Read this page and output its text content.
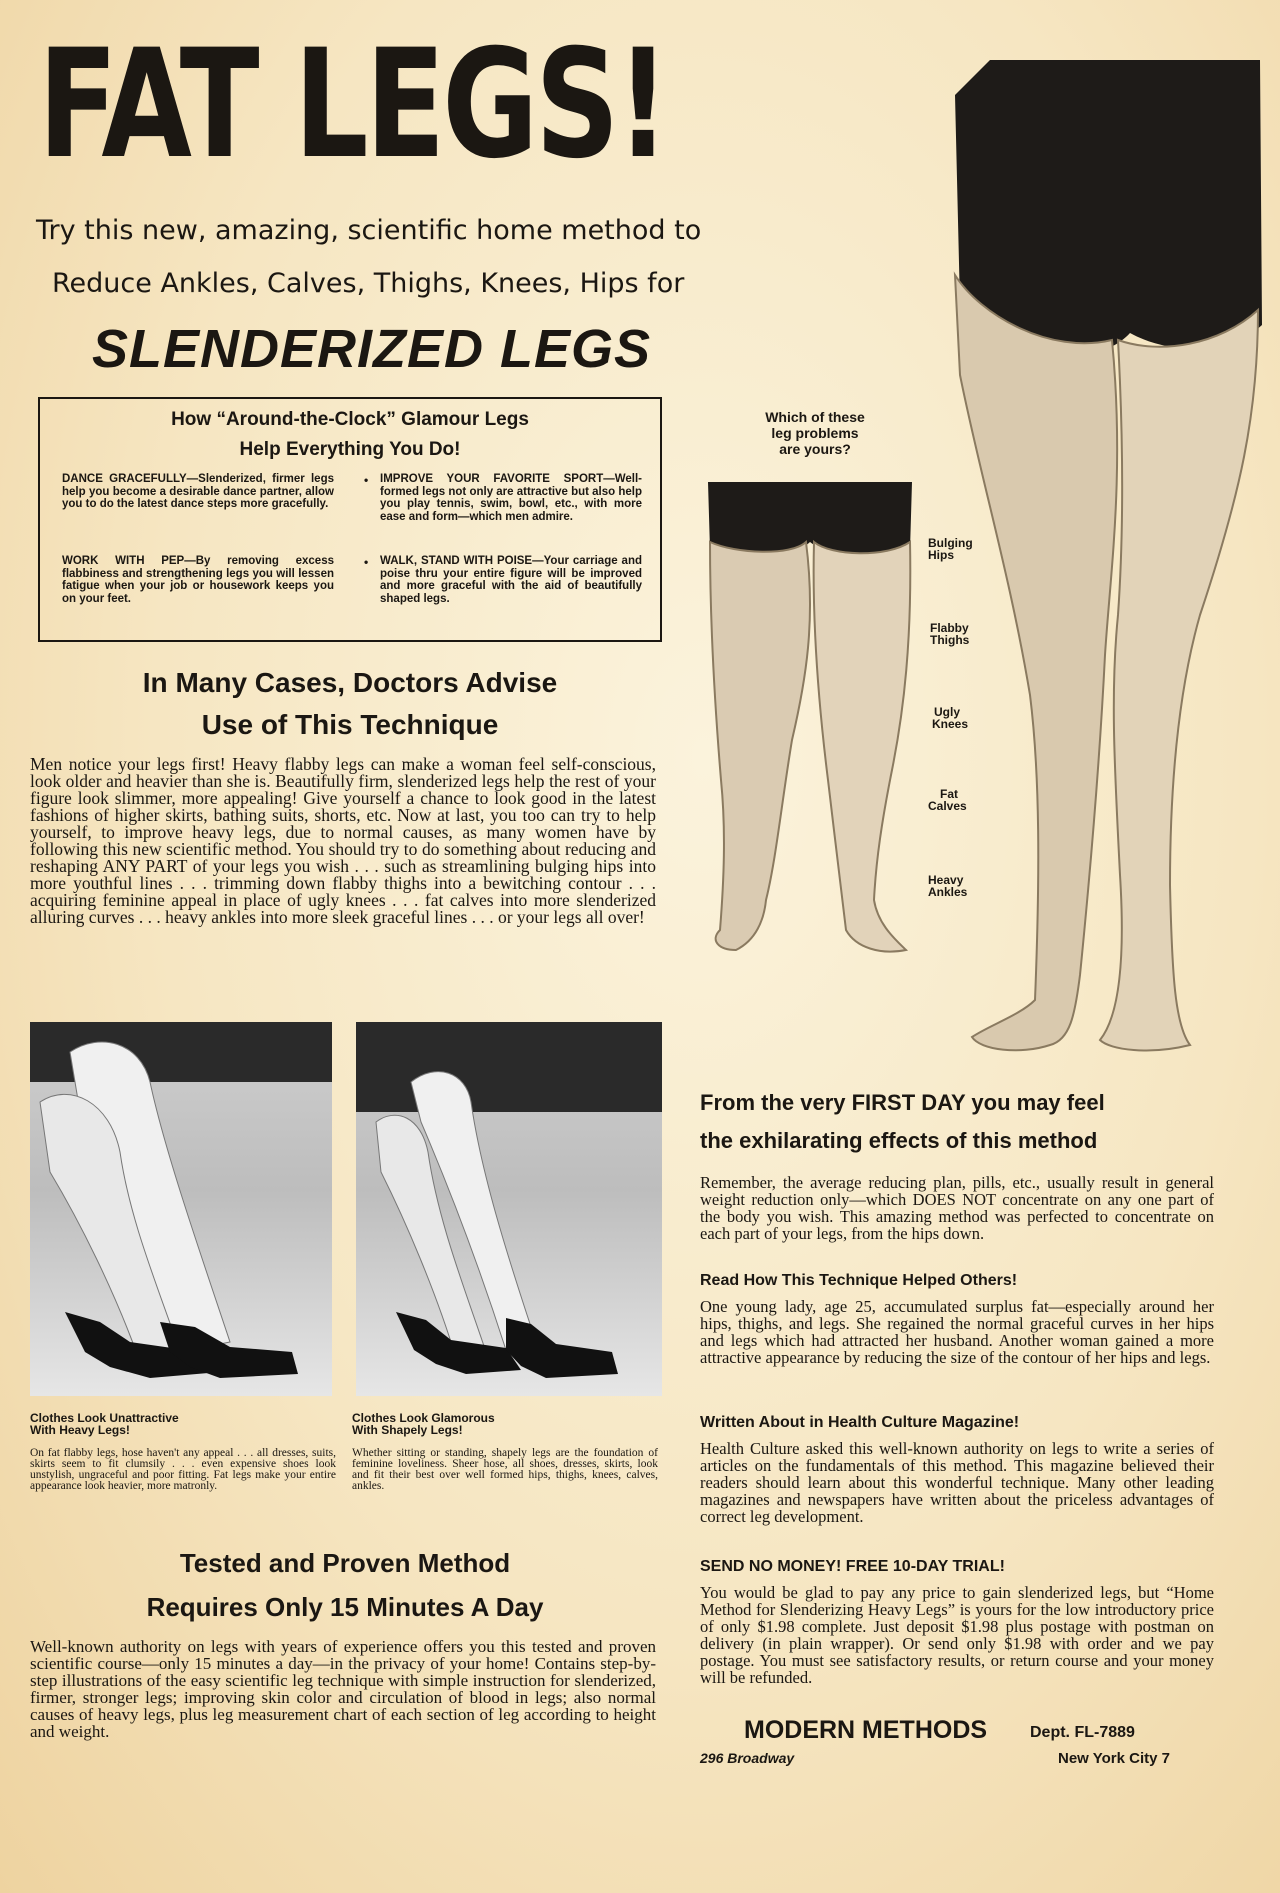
FAT LEGS!
Try this new, amazing, scientific home method to
Reduce Ankles, Calves, Thighs, Knees, Hips for
SLENDERIZED LEGS
How “Around-the-Clock” Glamour Legs
Help Everything You Do!
DANCE GRACEFULLY—Slenderized, firmer legs help you become a desirable dance partner, allow you to do the latest dance steps more gracefully.
WORK WITH PEP—By removing excess flabbiness and strengthening legs you will lessen fatigue when your job or housework keeps you on your feet.
•
•
IMPROVE YOUR FAVORITE SPORT—Well-formed legs not only are attractive but also help you play tennis, swim, bowl, etc., with more ease and form—which men admire.
WALK, STAND WITH POISE—Your carriage and poise thru your entire figure will be improved and more graceful with the aid of beautifully shaped legs.
In Many Cases, Doctors Advise
Use of This Technique
Men notice your legs first! Heavy flabby legs can make a woman feel self-conscious, look older and heavier than she is. Beautifully firm, slenderized legs help the rest of your figure look slimmer, more appealing! Give yourself a chance to look good in the latest fashions of higher skirts, bathing suits, shorts, etc. Now at last, you too can try to help yourself, to improve heavy legs, due to normal causes, as many women have by following this new scientific method. You should try to do something about reducing and reshaping ANY PART of your legs you wish . . . such as streamlining bulging hips into more youthful lines . . . trimming down flabby thighs into a bewitching contour . . . acquiring feminine appeal in place of ugly knees . . . fat calves into more slenderized alluring curves . . . heavy ankles into more sleek graceful lines . . . or your legs all over!
Clothes Look Unattractive
With Heavy Legs!
On fat flabby legs, hose haven't any appeal . . . all dresses, suits, skirts seem to fit clumsily . . . even expensive shoes look unstylish, ungraceful and poor fitting. Fat legs make your entire appearance look heavier, more matronly.
Clothes Look Glamorous
With Shapely Legs!
Whether sitting or standing, shapely legs are the foundation of feminine loveliness. Sheer hose, all shoes, dresses, skirts, look and fit their best over well formed hips, thighs, knees, calves, ankles.
Tested and Proven Method
Requires Only 15 Minutes A Day
Well-known authority on legs with years of experience offers you this tested and proven scientific course—only 15 minutes a day—in the privacy of your home! Contains step-by-step illustrations of the easy scientific leg technique with simple instruction for slenderized, firmer, stronger legs; improving skin color and circulation of blood in legs; also normal causes of heavy legs, plus leg measurement chart of each section of leg according to height and weight.
Which of these
leg problems
are yours?
Bulging
Hips
Flabby
Thighs
Ugly
Knees
Fat
Calves
Heavy
Ankles
From the very FIRST DAY you may feel
the exhilarating effects of this method
Remember, the average reducing plan, pills, etc., usually result in general weight reduction only—which DOES NOT concentrate on any one part of the body you wish. This amazing method was perfected to concentrate on each part of your legs, from the hips down.
Read How This Technique Helped Others!
One young lady, age 25, accumulated surplus fat—especially around her hips, thighs, and legs. She regained the normal graceful curves in her hips and legs which had attracted her husband. Another woman gained a more attractive appearance by reducing the size of the contour of her hips and legs.
Written About in Health Culture Magazine!
Health Culture asked this well-known authority on legs to write a series of articles on the fundamentals of this method. This magazine believed their readers should learn about this wonderful technique. Many other leading magazines and newspapers have written about the priceless advantages of correct leg development.
SEND NO MONEY! FREE 10-DAY TRIAL!
You would be glad to pay any price to gain slenderized legs, but “Home Method for Slenderizing Heavy Legs” is yours for the low introductory price of only $1.98 complete. Just deposit $1.98 plus postage with postman on delivery (in plain wrapper). Or send only $1.98 with order and we pay postage. You must see satisfactory results, or return course and your money will be refunded.
MODERN METHODS	Dept. FL-7889
296 Broadway	New York City 7
